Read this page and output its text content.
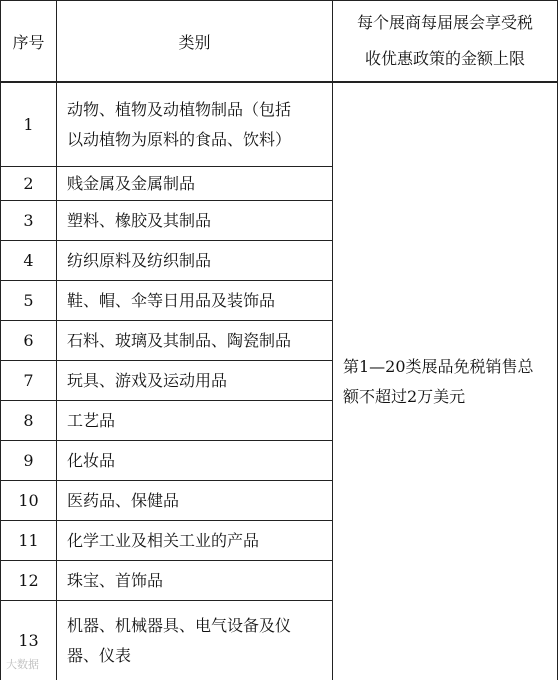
序号	类别
每个展商每届展会享受税
收优惠政策的金额上限
1
动物、植物及动植物制品（包括
以动植物为原料的食品、饮料）
2 贱金属及金属制品
3 塑料、橡胶及其制品
4 纺织原料及纺织制品
5 鞋、帽、伞等日用品及装饰品
6 石料、玻璃及其制品、陶瓷制品
7 玩具、游戏及运动用品
8 工艺品
9 化妆品
10 医药品、保健品
11 化学工业及相关工业的产品
12 珠宝、首饰品
13
机器、机械器具、电气设备及仪
器、仪表
第1—20类展品免税销售总
额不超过2万美元
大数据
